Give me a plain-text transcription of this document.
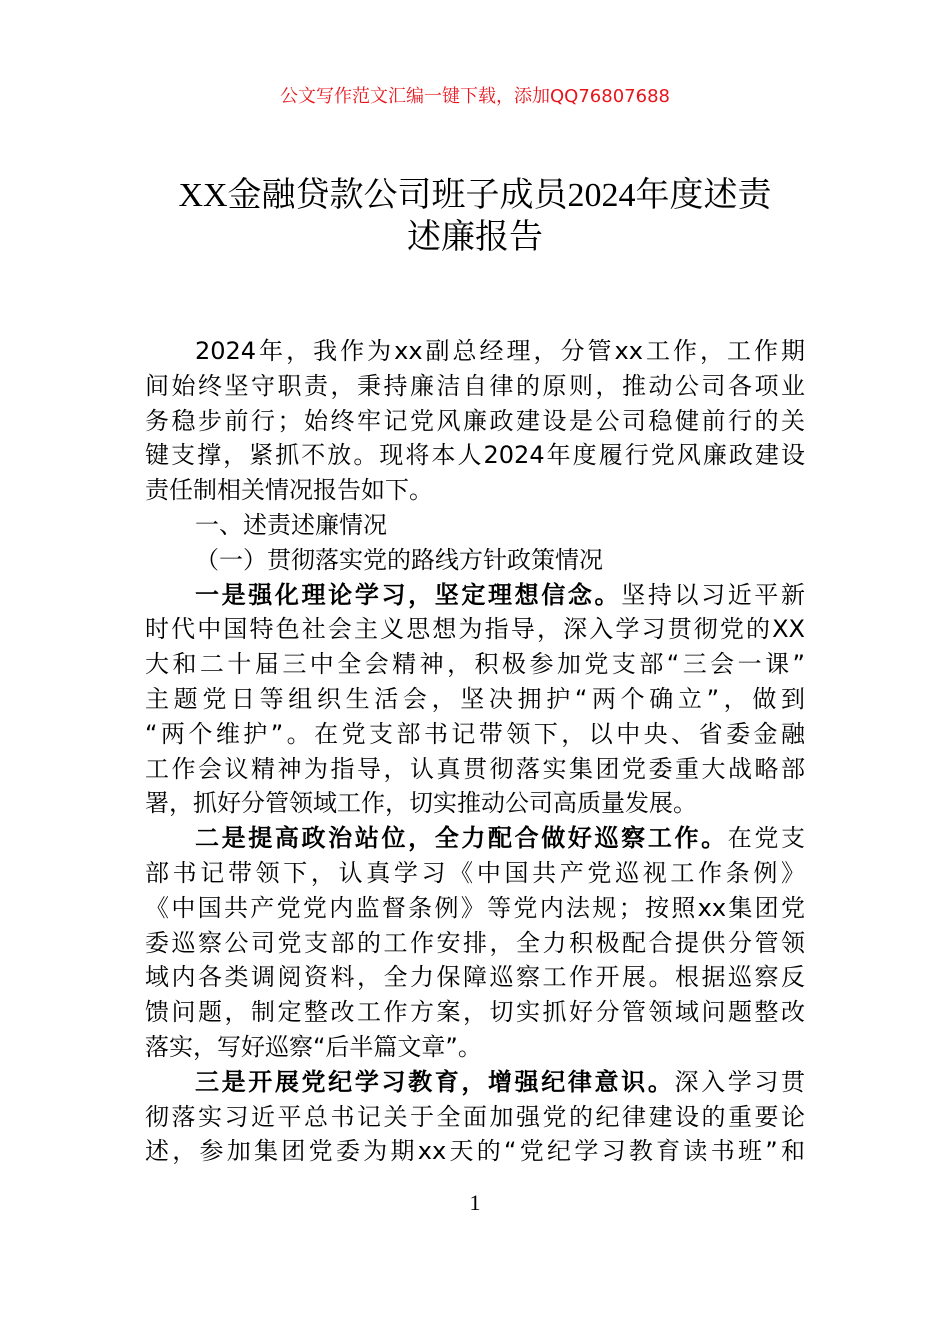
公文写作范文汇编一键下载，添加QQ76807688
XX金融贷款公司班子成员2024年度述责
述廉报告
2024年，我作为xx副总经理，分管xx工作，工作期
间始终坚守职责，秉持廉洁自律的原则，推动公司各项业
务稳步前行；始终牢记党风廉政建设是公司稳健前行的关
键支撑，紧抓不放。现将本人2024年度履行党风廉政建设
责任制相关情况报告如下。
一、述责述廉情况
（一）贯彻落实党的路线方针政策情况
一是强化理论学习，坚定理想信念。坚持以习近平新
时代中国特色社会主义思想为指导，深入学习贯彻党的XX
大和二十届三中全会精神，积极参加党支部“三会一课”
主题党日等组织生活会，坚决拥护“两个确立”，做到
“两个维护”。在党支部书记带领下，以中央、省委金融
工作会议精神为指导，认真贯彻落实集团党委重大战略部
署，抓好分管领域工作，切实推动公司高质量发展。
二是提高政治站位，全力配合做好巡察工作。在党支
部书记带领下，认真学习《中国共产党巡视工作条例》
《中国共产党党内监督条例》等党内法规；按照xx集团党
委巡察公司党支部的工作安排，全力积极配合提供分管领
域内各类调阅资料，全力保障巡察工作开展。根据巡察反
馈问题，制定整改工作方案，切实抓好分管领域问题整改
落实，写好巡察“后半篇文章”。
三是开展党纪学习教育，增强纪律意识。深入学习贯
彻落实习近平总书记关于全面加强党的纪律建设的重要论
述，参加集团党委为期xx天的“党纪学习教育读书班”和
1
